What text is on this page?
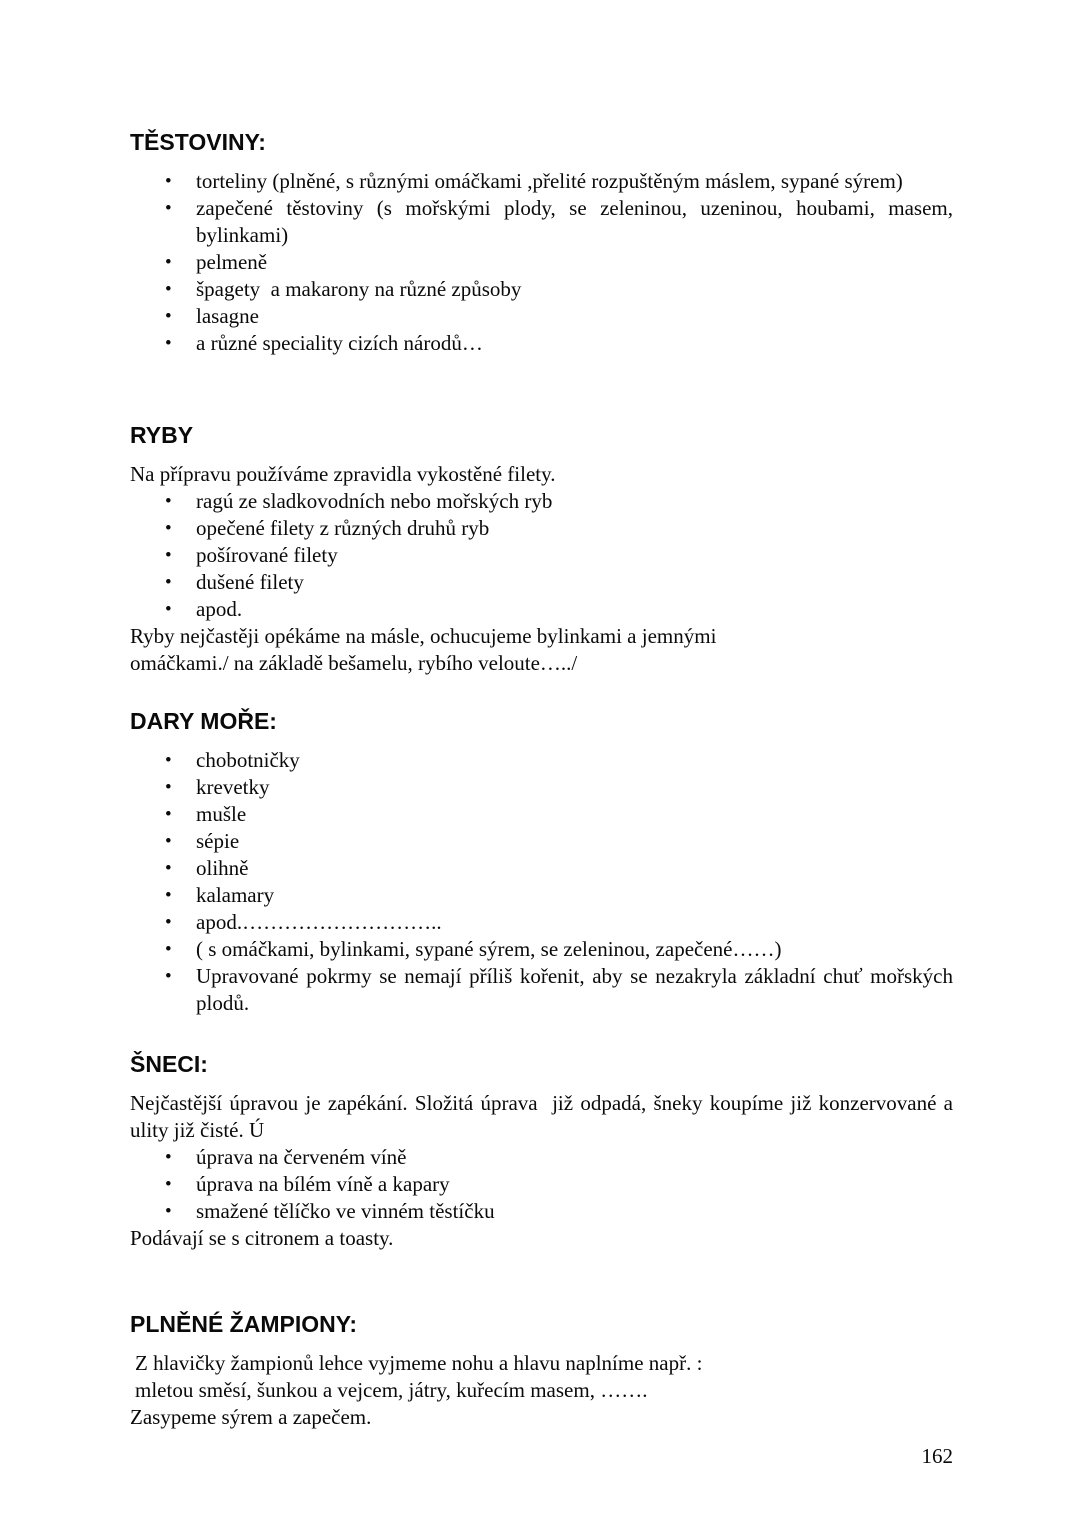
TĚSTOVINY:
• torteliny (plněné, s různými omáčkami ,přelité rozpuštěným máslem, sypané sýrem)
• zapečené těstoviny (s mořskými plody, se zeleninou, uzeninou, houbami, masem, bylinkami)
• pelmeně
• špagety  a makarony na různé způsoby
• lasagne
• a různé speciality cizích národů…
RYBY
Na přípravu používáme zpravidla vykostěné filety.
• ragú ze sladkovodních nebo mořských ryb
• opečené filety z různých druhů ryb
• pošírované filety
• dušené filety
• apod.
Ryby nejčastěji opékáme na másle, ochucujeme bylinkami a jemnými
omáčkami./ na základě bešamelu, rybího veloute…../
DARY MOŘE:
• chobotničky
• krevetky
• mušle
• sépie
• olihně
• kalamary
• apod.………………………..
• ( s omáčkami, bylinkami, sypané sýrem, se zeleninou, zapečené……)
• Upravované pokrmy se nemají příliš kořenit, aby se nezakryla základní chuť mořských plodů.
ŠNECI:
Nejčastější úpravou je zapékání. Složitá úprava  již odpadá, šneky koupíme již konzervované a ulity již čisté. Ú
• úprava na červeném víně
• úprava na bílém víně a kapary
• smažené tělíčko ve vinném těstíčku
Podávají se s citronem a toasty.
PLNĚNÉ ŽAMPIONY:
Z hlavičky žampionů lehce vyjmeme nohu a hlavu naplníme např. :
mletou směsí, šunkou a vejcem, játry, kuřecím masem, …….
Zasypeme sýrem a zapečem.
162
